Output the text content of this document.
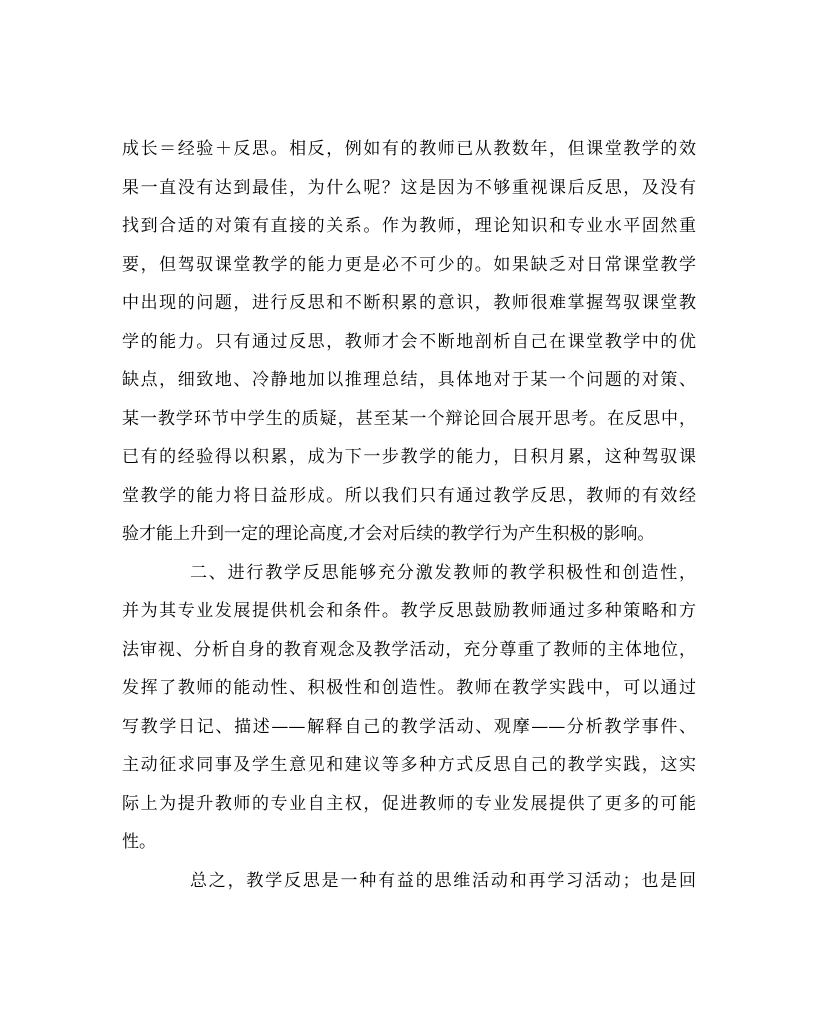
成长＝经验＋反思。相反，例如有的教师已从教数年，但课堂教学的效
果一直没有达到最佳，为什么呢？这是因为不够重视课后反思，及没有
找到合适的对策有直接的关系。作为教师，理论知识和专业水平固然重
要，但驾驭课堂教学的能力更是必不可少的。如果缺乏对日常课堂教学
中出现的问题，进行反思和不断积累的意识，教师很难掌握驾驭课堂教
学的能力。只有通过反思，教师才会不断地剖析自己在课堂教学中的优
缺点，细致地、冷静地加以推理总结，具体地对于某一个问题的对策、
某一教学环节中学生的质疑，甚至某一个辩论回合展开思考。在反思中，
已有的经验得以积累，成为下一步教学的能力，日积月累，这种驾驭课
堂教学的能力将日益形成。所以我们只有通过教学反思，教师的有效经
验才能上升到一定的理论高度,才会对后续的教学行为产生积极的影响。
二、进行教学反思能够充分激发教师的教学积极性和创造性，
并为其专业发展提供机会和条件。教学反思鼓励教师通过多种策略和方
法审视、分析自身的教育观念及教学活动，充分尊重了教师的主体地位，
发挥了教师的能动性、积极性和创造性。教师在教学实践中，可以通过
写教学日记、描述——解释自己的教学活动、观摩——分析教学事件、
主动征求同事及学生意见和建议等多种方式反思自己的教学实践，这实
际上为提升教师的专业自主权，促进教师的专业发展提供了更多的可能
性。
总之，教学反思是一种有益的思维活动和再学习活动；也是回
